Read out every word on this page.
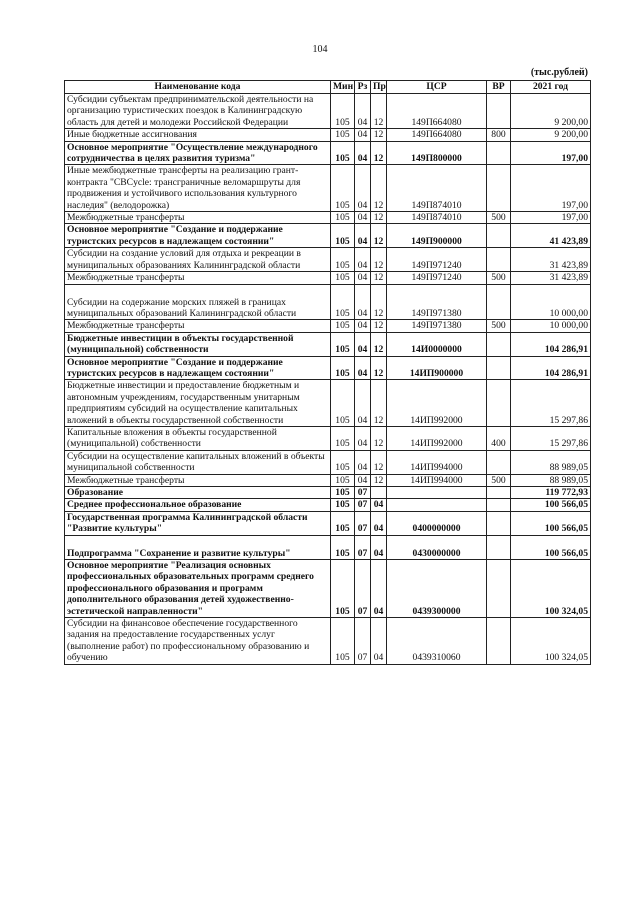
104
(тыс.рублей)
Наименование кода	Мин	Рз	Пр	ЦСР	ВР	2021 год
Субсидии субъектам предпринимательской деятельности на организацию туристических поездок в Калининградскую область для детей и молодежи Российской Федерации	105	04	12	149П664080		9 200,00
Иные бюджетные ассигнования	105	04	12	149П664080	800	9 200,00
Основное мероприятие "Осуществление международного сотрудничества в целях развития туризма"	105	04	12	149П800000		197,00
Иные межбюджетные трансферты на реализацию грант-контракта "CBCycle: трансграничные веломаршруты для продвижения и устойчивого использования культурного наследия" (велодорожка)	105	04	12	149П874010		197,00
Межбюджетные трансферты	105	04	12	149П874010	500	197,00
Основное мероприятие "Создание и поддержание туристских ресурсов в надлежащем состоянии"	105	04	12	149П900000		41 423,89
Субсидии на создание условий для отдыха и рекреации в муниципальных образованиях Калининградской области	105	04	12	149П971240		31 423,89
Межбюджетные трансферты	105	04	12	149П971240	500	31 423,89
Субсидии на содержание морских пляжей в границах муниципальных образований Калининградской области	105	04	12	149П971380		10 000,00
Межбюджетные трансферты	105	04	12	149П971380	500	10 000,00
Бюджетные инвестиции в объекты государственной (муниципальной) собственности	105	04	12	14И0000000		104 286,91
Основное мероприятие "Создание и поддержание туристских ресурсов в надлежащем состоянии"	105	04	12	14ИП900000		104 286,91
Бюджетные инвестиции и предоставление бюджетным и автономным учреждениям, государственным унитарным предприятиям субсидий на осуществление капитальных вложений в объекты государственной собственности	105	04	12	14ИП992000		15 297,86
Капитальные вложения в объекты государственной (муниципальной) собственности	105	04	12	14ИП992000	400	15 297,86
Субсидии на осуществление капитальных вложений в объекты муниципальной собственности	105	04	12	14ИП994000		88 989,05
Межбюджетные трансферты	105	04	12	14ИП994000	500	88 989,05
Образование	105	07				119 772,93
Среднее профессиональное образование	105	07	04			100 566,05
Государственная программа Калининградской области "Развитие культуры"	105	07	04	0400000000		100 566,05
Подпрограмма "Сохранение и развитие культуры"	105	07	04	0430000000		100 566,05
Основное мероприятие "Реализация основных профессиональных образовательных программ среднего профессионального образования и программ дополнительного образования детей художественно-эстетической направленности"	105	07	04	0439300000		100 324,05
Субсидии на финансовое обеспечение государственного задания на предоставление государственных услуг (выполнение работ) по профессиональному образованию и обучению	105	07	04	0439310060		100 324,05
